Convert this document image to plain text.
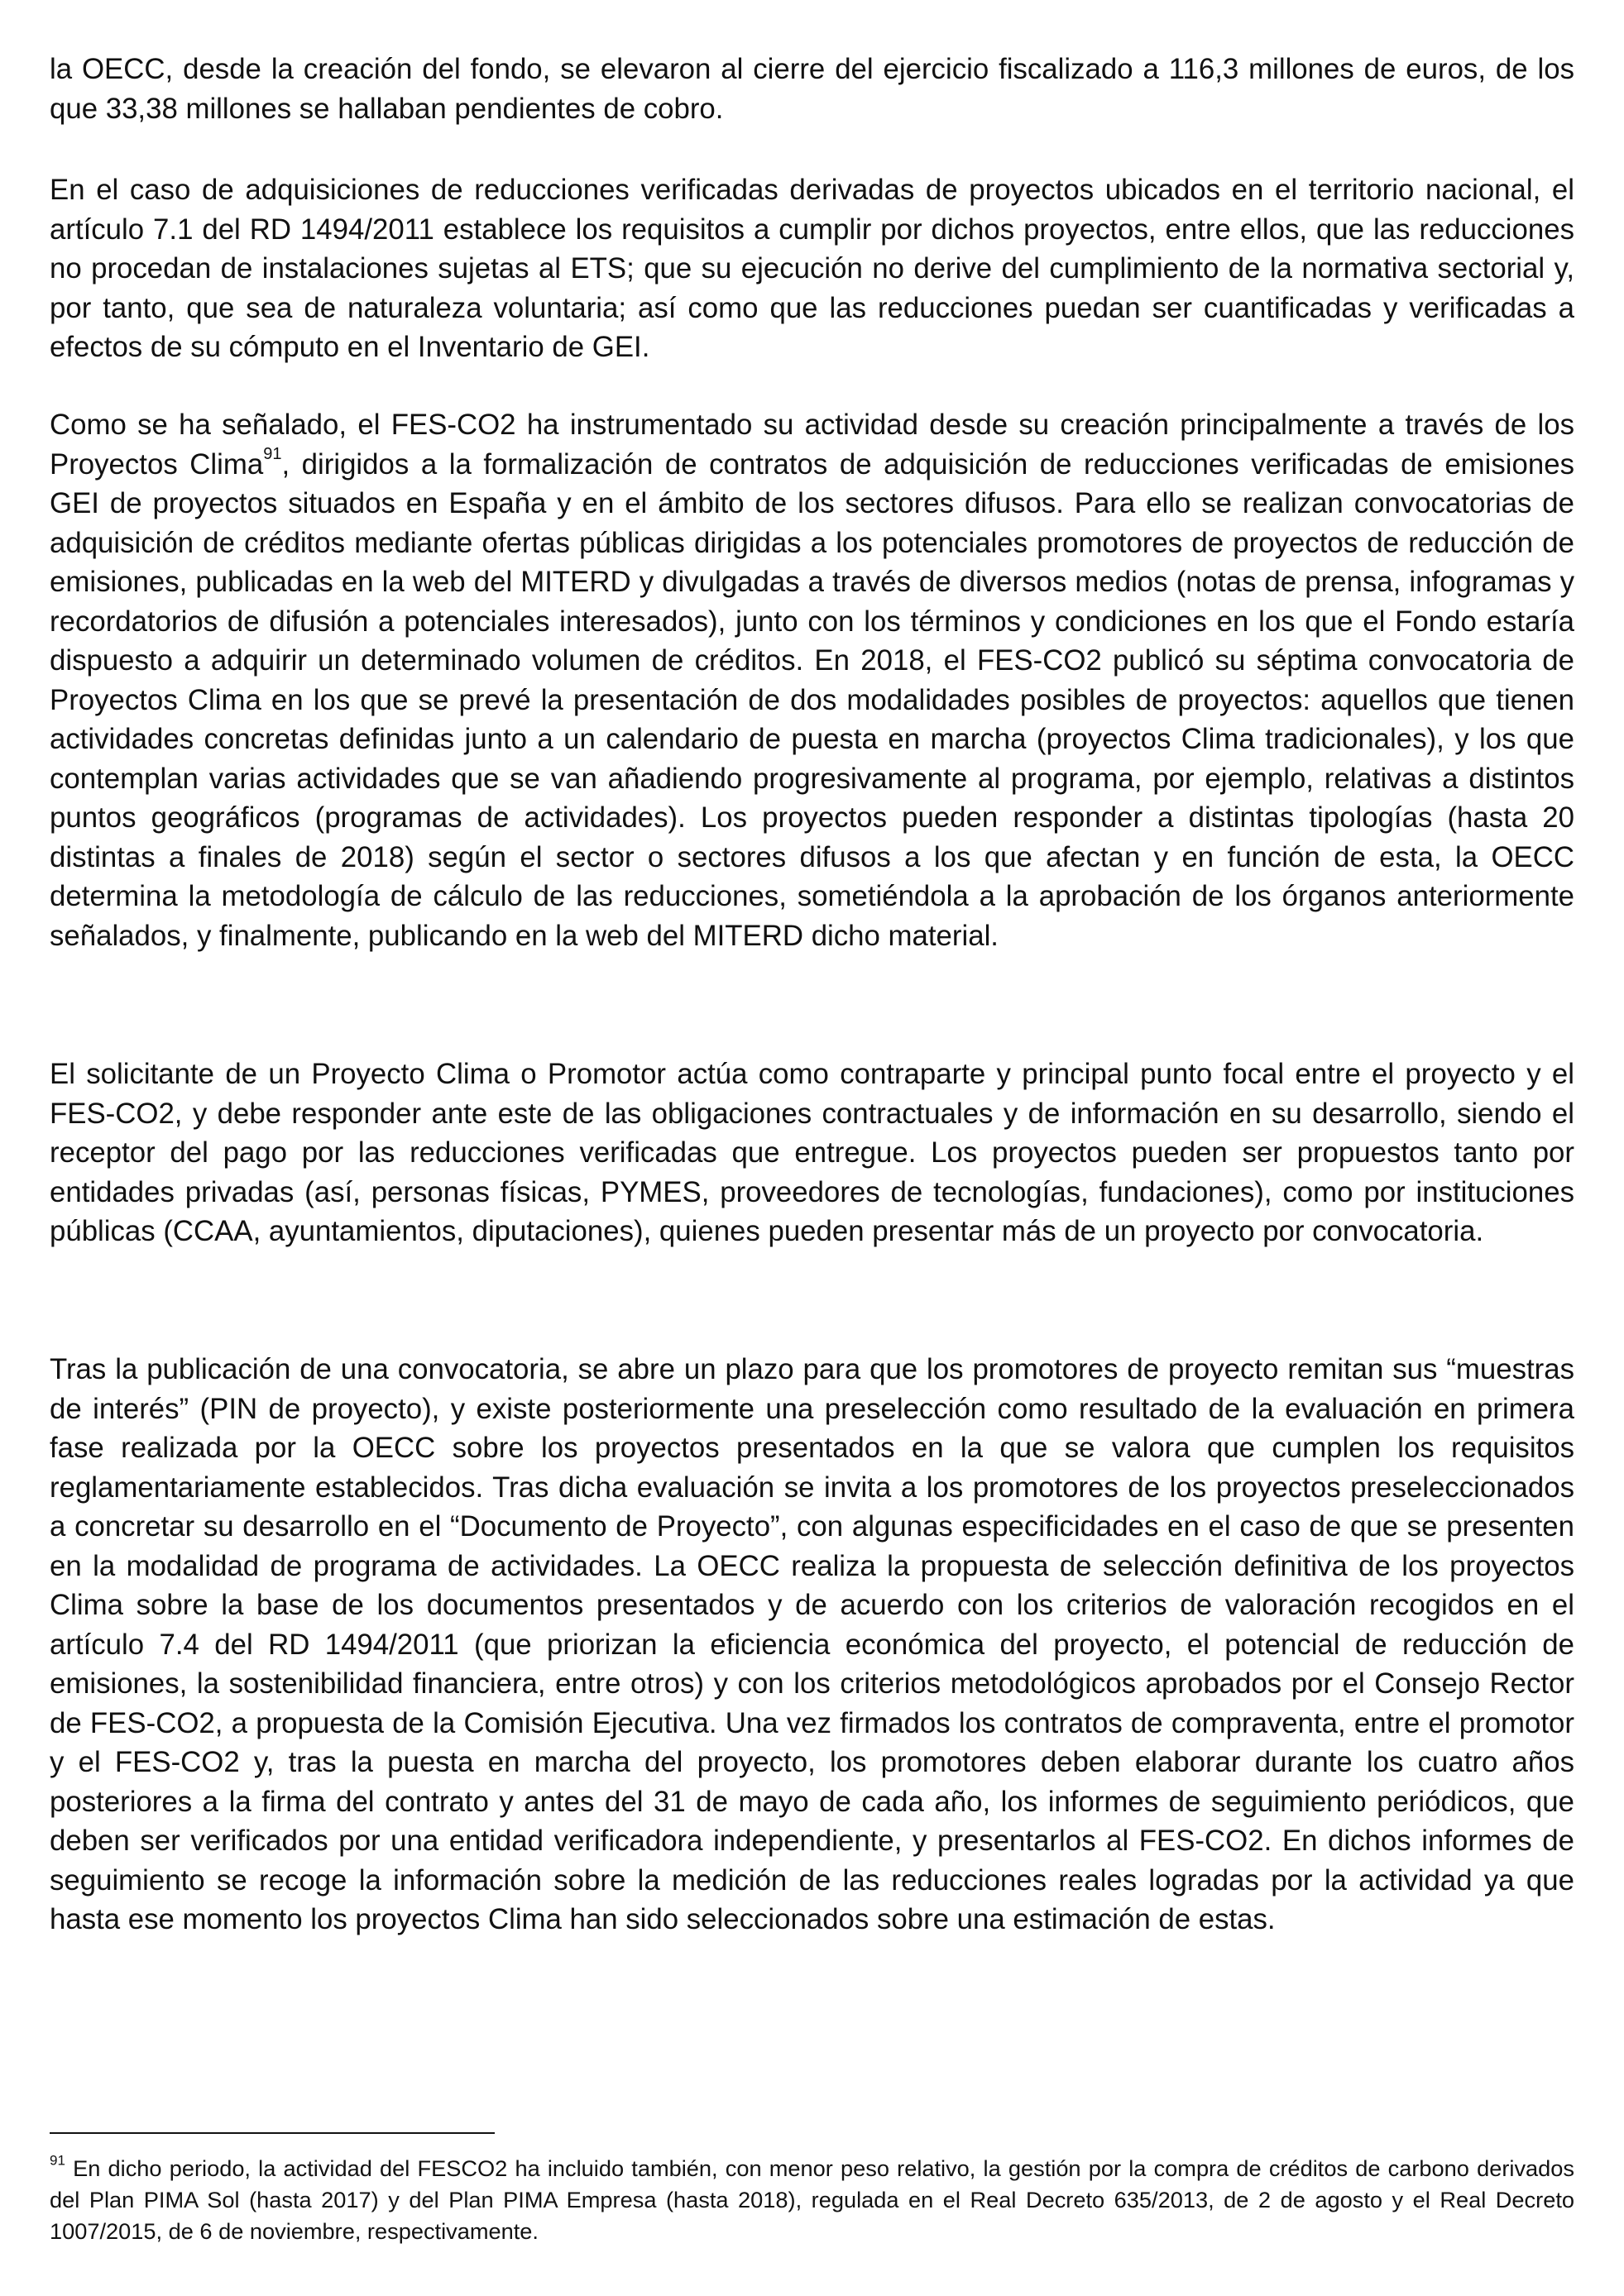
la OECC, desde la creación del fondo, se elevaron al cierre del ejercicio fiscalizado a 116,3 millones de euros, de los que 33,38 millones se hallaban pendientes de cobro.

En el caso de adquisiciones de reducciones verificadas derivadas de proyectos ubicados en el territorio nacional, el artículo 7.1 del RD 1494/2011 establece los requisitos a cumplir por dichos proyectos, entre ellos, que las reducciones no procedan de instalaciones sujetas al ETS; que su ejecución no derive del cumplimiento de la normativa sectorial y, por tanto, que sea de naturaleza voluntaria; así como que las reducciones puedan ser cuantificadas y verificadas a efectos de su cómputo en el Inventario de GEI.

Como se ha señalado, el FES-CO2 ha instrumentado su actividad desde su creación principalmente a través de los Proyectos Clima$^{91}$, dirigidos a la formalización de contratos de adquisición de reducciones verificadas de emisiones GEI de proyectos situados en España y en el ámbito de los sectores difusos. Para ello se realizan convocatorias de adquisición de créditos mediante ofertas públicas dirigidas a los potenciales promotores de proyectos de reducción de emisiones, publicadas en la web del MITERD y divulgadas a través de diversos medios (notas de prensa, infogramas y recordatorios de difusión a potenciales interesados), junto con los términos y condiciones en los que el Fondo estaría dispuesto a adquirir un determinado volumen de créditos. En 2018, el FES-CO2 publicó su séptima convocatoria de Proyectos Clima en los que se prevé la presentación de dos modalidades posibles de proyectos: aquellos que tienen actividades concretas definidas junto a un calendario de puesta en marcha (proyectos Clima tradicionales), y los que contemplan varias actividades que se van añadiendo progresivamente al programa, por ejemplo, relativas a distintos puntos geográficos (programas de actividades). Los proyectos pueden responder a distintas tipologías (hasta 20 distintas a finales de 2018) según el sector o sectores difusos a los que afectan y en función de esta, la OECC determina la metodología de cálculo de las reducciones, sometiéndola a la aprobación de los órganos anteriormente señalados, y finalmente, publicando en la web del MITERD dicho material.

El solicitante de un Proyecto Clima o Promotor actúa como contraparte y principal punto focal entre el proyecto y el FES-CO2, y debe responder ante este de las obligaciones contractuales y de información en su desarrollo, siendo el receptor del pago por las reducciones verificadas que entregue. Los proyectos pueden ser propuestos tanto por entidades privadas (así, personas físicas, PYMES, proveedores de tecnologías, fundaciones), como por instituciones públicas (CCAA, ayuntamientos, diputaciones), quienes pueden presentar más de un proyecto por convocatoria.

Tras la publicación de una convocatoria, se abre un plazo para que los promotores de proyecto remitan sus “muestras de interés” (PIN de proyecto), y existe posteriormente una preselección como resultado de la evaluación en primera fase realizada por la OECC sobre los proyectos presentados en la que se valora que cumplen los requisitos reglamentariamente establecidos. Tras dicha evaluación se invita a los promotores de los proyectos preseleccionados a concretar su desarrollo en el “Documento de Proyecto”, con algunas especificidades en el caso de que se presenten en la modalidad de programa de actividades. La OECC realiza la propuesta de selección definitiva de los proyectos Clima sobre la base de los documentos presentados y de acuerdo con los criterios de valoración recogidos en el artículo 7.4 del RD 1494/2011 (que priorizan la eficiencia económica del proyecto, el potencial de reducción de emisiones, la sostenibilidad financiera, entre otros) y con los criterios metodológicos aprobados por el Consejo Rector de FES-CO2, a propuesta de la Comisión Ejecutiva. Una vez firmados los contratos de compraventa, entre el promotor y el FES-CO2 y, tras la puesta en marcha del proyecto, los promotores deben elaborar durante los cuatro años posteriores a la firma del contrato y antes del 31 de mayo de cada año, los informes de seguimiento periódicos, que deben ser verificados por una entidad verificadora independiente, y presentarlos al FES-CO2. En dichos informes de seguimiento se recoge la información sobre la medición de las reducciones reales logradas por la actividad ya que hasta ese momento los proyectos Clima han sido seleccionados sobre una estimación de estas.

$^{91}$ En dicho periodo, la actividad del FESCO2 ha incluido también, con menor peso relativo, la gestión por la compra de créditos de carbono derivados del Plan PIMA Sol (hasta 2017) y del Plan PIMA Empresa (hasta 2018), regulada en el Real Decreto 635/2013, de 2 de agosto y el Real Decreto 1007/2015, de 6 de noviembre, respectivamente.
